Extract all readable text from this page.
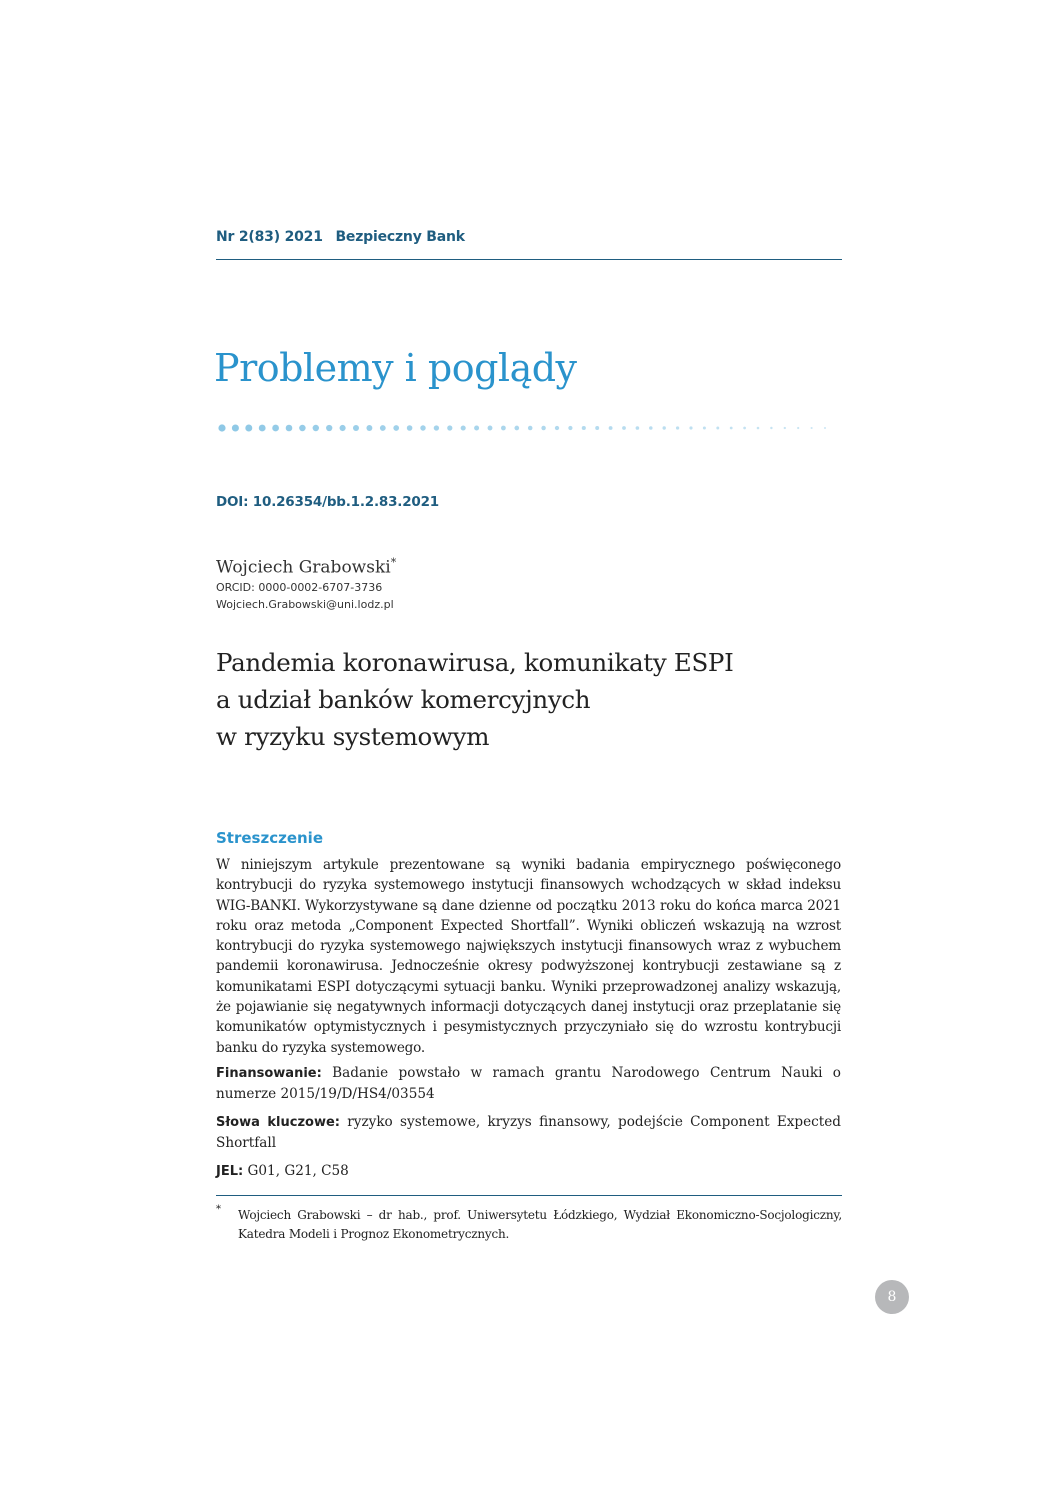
Nr 2(83) 2021 Bezpieczny Bank
Problemy i poglądy
DOI: 10.26354/bb.1.2.83.2021
Wojciech Grabowski*
ORCID: 0000-0002-6707-3736
Wojciech.Grabowski@uni.lodz.pl
Pandemia koronawirusa, komunikaty ESPI
a udział banków komercyjnych
w ryzyku systemowym
Streszczenie
W niniejszym artykule prezentowane są wyniki badania empirycznego poświęconego kontrybucji do ryzyka systemowego instytucji finansowych wchodzących w skład indeksu WIG-BANKI. Wykorzystywane są dane dzienne od początku 2013 roku do końca marca 2021 roku oraz metoda „Component Expected Shortfall”. Wyniki obliczeń wskazują na wzrost kontrybucji do ryzyka systemowego największych instytucji finansowych wraz z wybuchem pandemii koronawirusa. Jednocześnie okresy podwyższonej kontrybucji zestawiane są z komunikatami ESPI dotyczącymi sytuacji banku. Wyniki przeprowadzonej analizy wskazują, że pojawianie się negatywnych informacji dotyczących danej instytucji oraz przeplatanie się komunikatów optymistycznych i pesymistycznych przyczyniało się do wzrostu kontrybucji banku do ryzyka systemowego.
Finansowanie: Badanie powstało w ramach grantu Narodowego Centrum Nauki o numerze 2015/19/D/HS4/03554
Słowa kluczowe: ryzyko systemowe, kryzys finansowy, podejście Component Expected Shortfall
JEL: G01, G21, C58
* Wojciech Grabowski – dr hab., prof. Uniwersytetu Łódzkiego, Wydział Ekonomiczno-Socjologiczny, Katedra Modeli i Prognoz Ekonometrycznych.
8
